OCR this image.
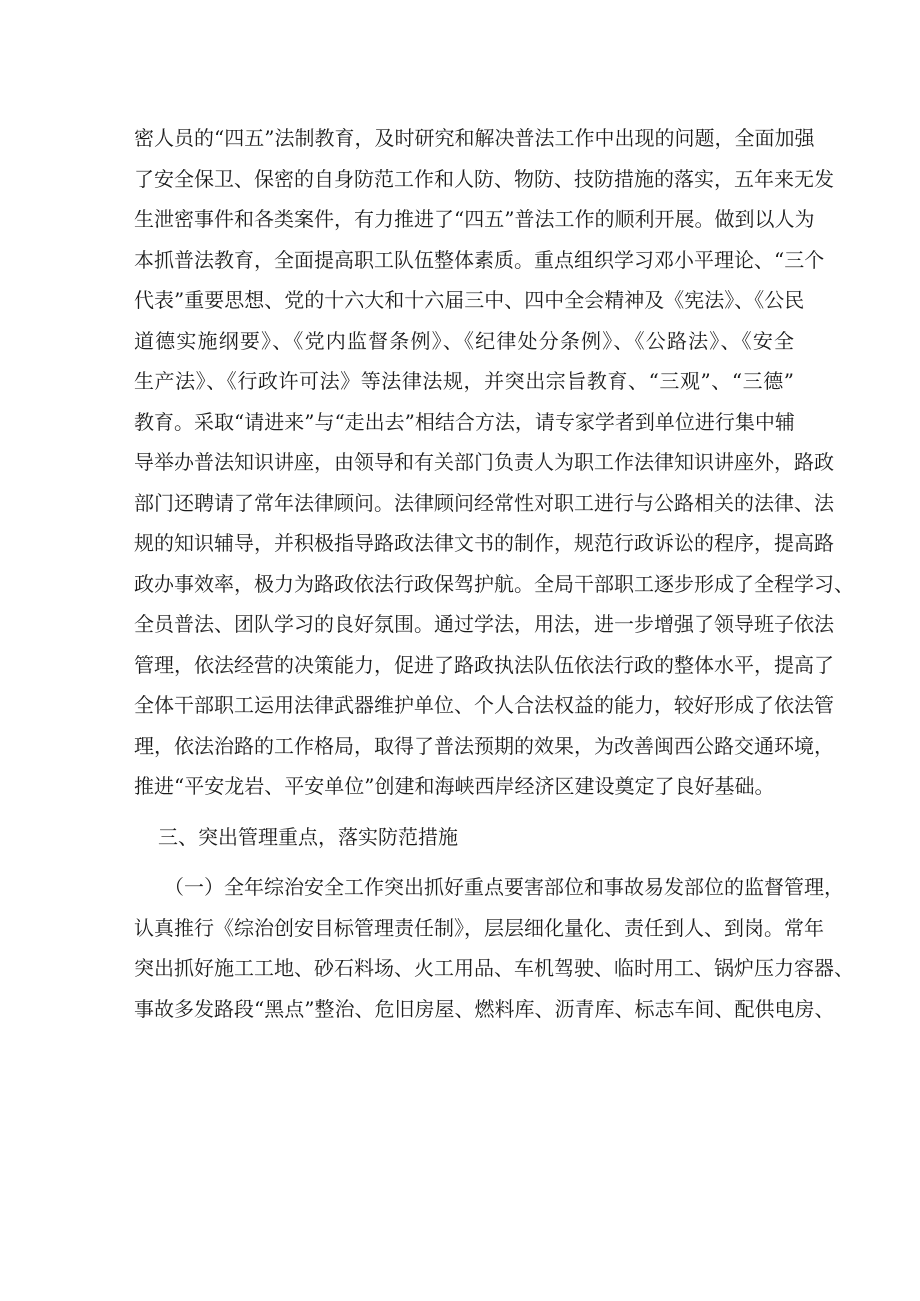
密人员的“四五”法制教育，及时研究和解决普法工作中出现的问题，全面加强
了安全保卫、保密的自身防范工作和人防、物防、技防措施的落实，五年来无发
生泄密事件和各类案件，有力推进了“四五”普法工作的顺利开展。做到以人为
本抓普法教育，全面提高职工队伍整体素质。重点组织学习邓小平理论、“三个
代表”重要思想、党的十六大和十六届三中、四中全会精神及《宪法》、《公民
道德实施纲要》、《党内监督条例》、《纪律处分条例》、《公路法》、《安全
生产法》、《行政许可法》等法律法规，并突出宗旨教育、“三观”、“三德”
教育。采取“请进来”与“走出去”相结合方法，请专家学者到单位进行集中辅
导举办普法知识讲座，由领导和有关部门负责人为职工作法律知识讲座外，路政
部门还聘请了常年法律顾问。法律顾问经常性对职工进行与公路相关的法律、法
规的知识辅导，并积极指导路政法律文书的制作，规范行政诉讼的程序，提高路
政办事效率，极力为路政依法行政保驾护航。全局干部职工逐步形成了全程学习、
全员普法、团队学习的良好氛围。通过学法，用法，进一步增强了领导班子依法
管理，依法经营的决策能力，促进了路政执法队伍依法行政的整体水平，提高了
全体干部职工运用法律武器维护单位、个人合法权益的能力，较好形成了依法管
理，依法治路的工作格局，取得了普法预期的效果，为改善闽西公路交通环境，
推进“平安龙岩、平安单位”创建和海峡西岸经济区建设奠定了良好基础。
三、突出管理重点，落实防范措施
（一）全年综治安全工作突出抓好重点要害部位和事故易发部位的监督管理，
认真推行《综治创安目标管理责任制》，层层细化量化、责任到人、到岗。常年
突出抓好施工工地、砂石料场、火工用品、车机驾驶、临时用工、锅炉压力容器、
事故多发路段“黑点”整治、危旧房屋、燃料库、沥青库、标志车间、配供电房、
